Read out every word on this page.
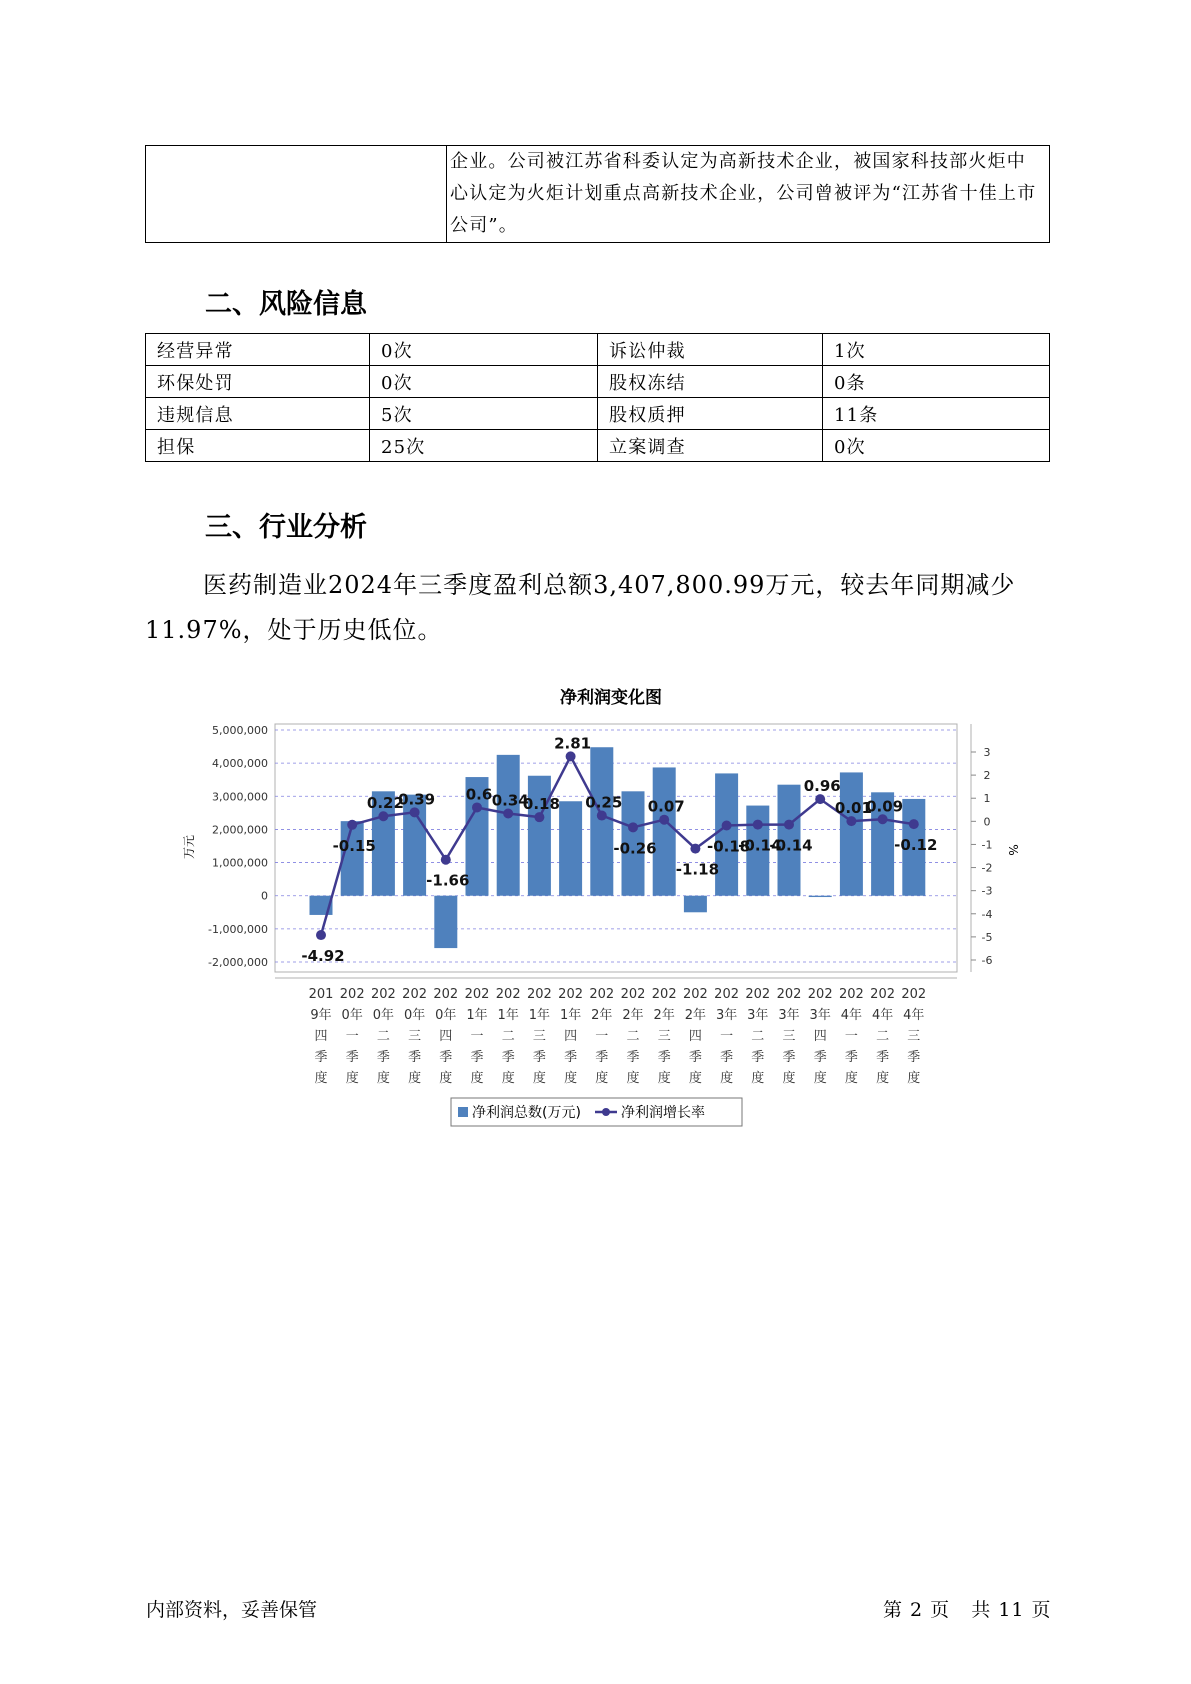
企业。公司被江苏省科委认定为高新技术企业，被国家科技部火炬中
心认定为火炬计划重点高新技术企业，公司曾被评为“江苏省十佳上市
公司”。
二、风险信息
经营异常	0次	诉讼仲裁	1次
环保处罚	0次	股权冻结	0条
违规信息	5次	股权质押	11条
担保	25次	立案调查	0次
三、行业分析

医药制造业2024年三季度盈利总额3,407,800.99万元，较去年同期减少11.97%，处于历史低位。

净利润变化图
5,000,000
4,000,000
3,000,000
2,000,000
1,000,000
0
-1,000,000
-2,000,000
万元
3
2
1
0
-1
-2
-3
-4
-5
-6
%
-4.92
-0.15
0.22
0.39
-1.66
0.6 0.34
0.18
2.81
0.25
-0.26
0.07
-1.18
-0.18
-0.14
-0.14
0.96
0.01
0.09
-0.12
201
9年
四
季
度
202
0年
一
季
度
202
0年
二
季
度
202
0年
三
季
度
202
0年
四
季
度
202
1年
一
季
度
202
1年
二
季
度
202
1年
三
季
度
202
1年
四
季
度
202
2年
一
季
度
202
2年
二
季
度
202
2年
三
季
度
202
2年
四
季
度
202
3年
一
季
度
202
3年
二
季
度
202
3年
三
季
度
202
3年
四
季
度
202
4年
一
季
度
202
4年
二
季
度
202
4年
三
季
度
净利润总数(万元)	净利润增长率
内部资料，妥善保管	第 2 页   共 11 页
